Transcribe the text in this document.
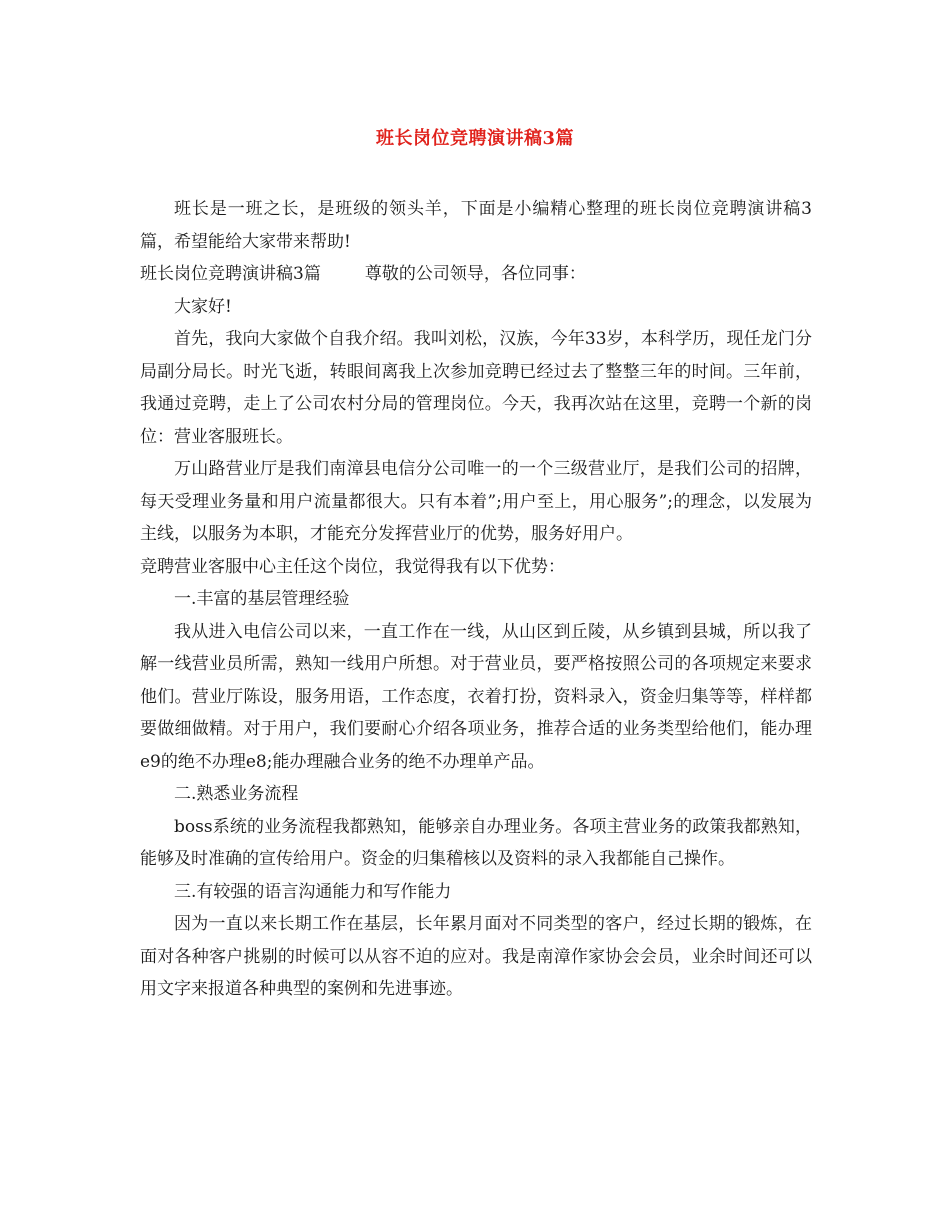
班长岗位竞聘演讲稿3篇

班长是一班之长，是班级的领头羊，下面是小编精心整理的班长岗位竞聘演讲稿3篇，希望能给大家带来帮助!

班长岗位竞聘演讲稿3篇	尊敬的公司领导，各位同事：

大家好!

首先，我向大家做个自我介绍。我叫刘松，汉族，今年33岁，本科学历，现任龙门分局副分局长。时光飞逝，转眼间离我上次参加竞聘已经过去了整整三年的时间。三年前，我通过竞聘，走上了公司农村分局的管理岗位。今天，我再次站在这里，竞聘一个新的岗位：营业客服班长。

万山路营业厅是我们南漳县电信分公司唯一的一个三级营业厅，是我们公司的招牌，每天受理业务量和用户流量都很大。只有本着”;用户至上，用心服务”;的理念，以发展为主线，以服务为本职，才能充分发挥营业厅的优势，服务好用户。

竞聘营业客服中心主任这个岗位，我觉得我有以下优势：

一.丰富的基层管理经验

我从进入电信公司以来，一直工作在一线，从山区到丘陵，从乡镇到县城，所以我了解一线营业员所需，熟知一线用户所想。对于营业员，要严格按照公司的各项规定来要求他们。营业厅陈设，服务用语，工作态度，衣着打扮，资料录入，资金归集等等，样样都要做细做精。对于用户，我们要耐心介绍各项业务，推荐合适的业务类型给他们，能办理e9的绝不办理e8;能办理融合业务的绝不办理单产品。

二.熟悉业务流程

boss系统的业务流程我都熟知，能够亲自办理业务。各项主营业务的政策我都熟知，能够及时准确的宣传给用户。资金的归集稽核以及资料的录入我都能自己操作。

三.有较强的语言沟通能力和写作能力

因为一直以来长期工作在基层，长年累月面对不同类型的客户，经过长期的锻炼，在面对各种客户挑剔的时候可以从容不迫的应对。我是南漳作家协会会员，业余时间还可以用文字来报道各种典型的案例和先进事迹。
